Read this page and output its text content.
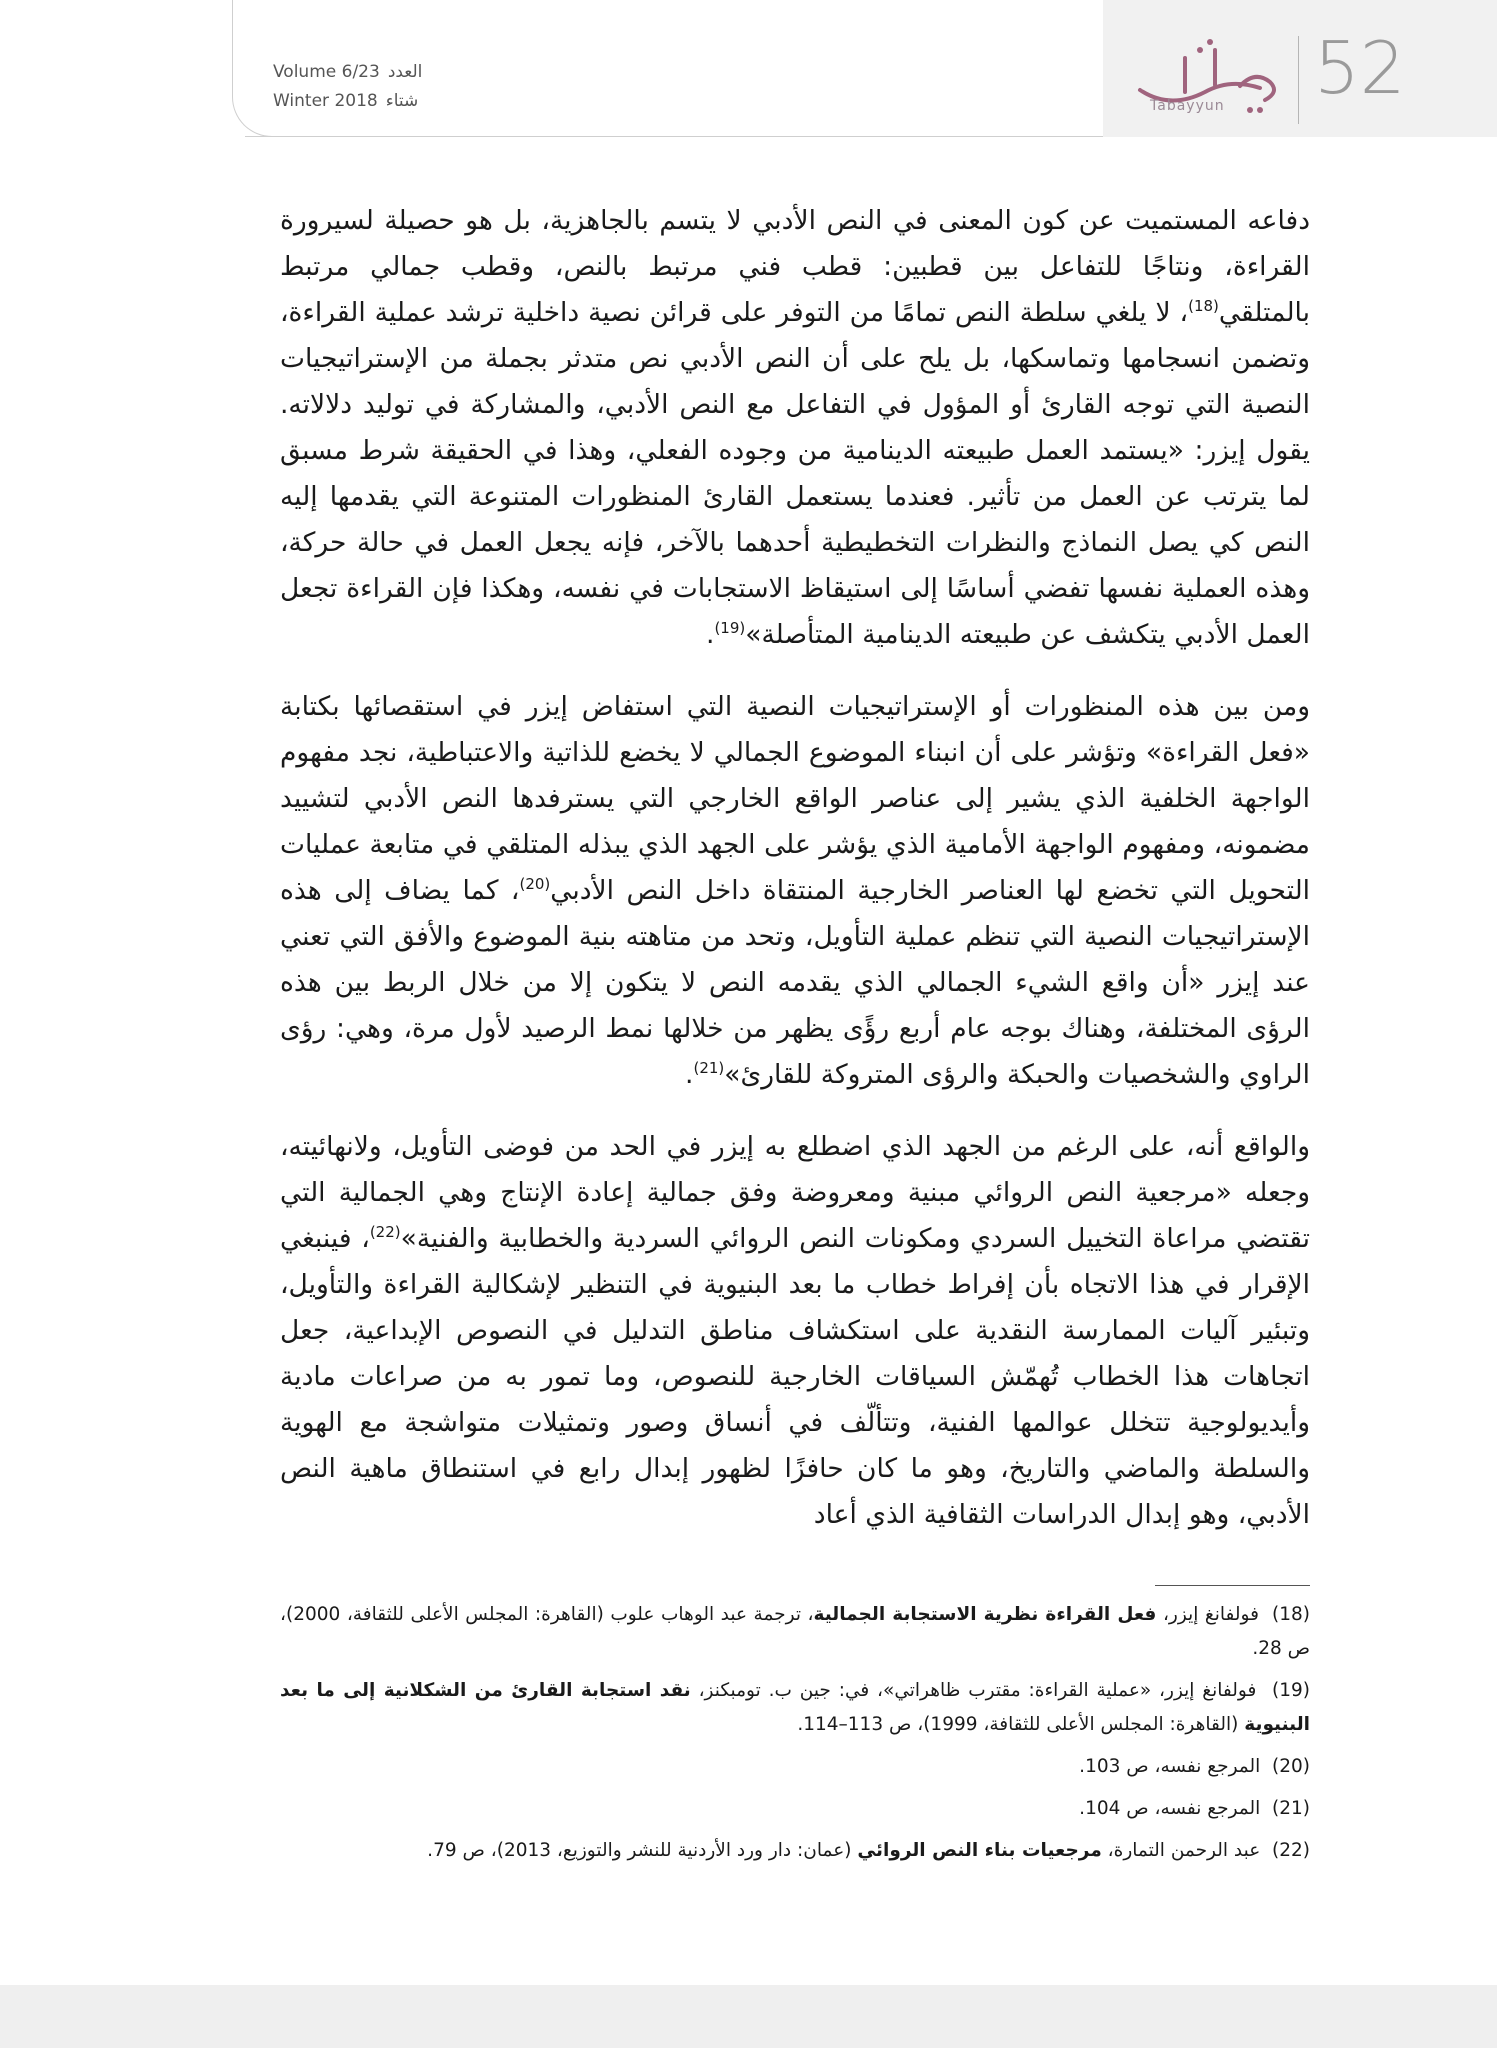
Volume 6/23 العدد
Winter 2018 شتاء	Tabayyun 52

دفاعه المستميت عن كون المعنى في النص الأدبي لا يتسم بالجاهزية، بل هو حصيلة لسيرورة القراءة، ونتاجًا للتفاعل بين قطبين: قطب فني مرتبط بالنص، وقطب جمالي مرتبط بالمتلقي$^{(18)}$، لا يلغي سلطة النص تمامًا من التوفر على قرائن نصية داخلية ترشد عملية القراءة، وتضمن انسجامها وتماسكها، بل يلح على أن النص الأدبي نص متدثر بجملة من الإستراتيجيات النصية التي توجه القارئ أو المؤول في التفاعل مع النص الأدبي، والمشاركة في توليد دلالاته. يقول إيزر: «يستمد العمل طبيعته الدينامية من وجوده الفعلي، وهذا في الحقيقة شرط مسبق لما يترتب عن العمل من تأثير. فعندما يستعمل القارئ المنظورات المتنوعة التي يقدمها إليه النص كي يصل النماذج والنظرات التخطيطية أحدهما بالآخر، فإنه يجعل العمل في حالة حركة، وهذه العملية نفسها تفضي أساسًا إلى استيقاظ الاستجابات في نفسه، وهكذا فإن القراءة تجعل العمل الأدبي يتكشف عن طبيعته الدينامية المتأصلة»$^{(19)}$.

ومن بين هذه المنظورات أو الإستراتيجيات النصية التي استفاض إيزر في استقصائها بكتابة «فعل القراءة» وتؤشر على أن انبناء الموضوع الجمالي لا يخضع للذاتية والاعتباطية، نجد مفهوم الواجهة الخلفية الذي يشير إلى عناصر الواقع الخارجي التي يسترفدها النص الأدبي لتشييد مضمونه، ومفهوم الواجهة الأمامية الذي يؤشر على الجهد الذي يبذله المتلقي في متابعة عمليات التحويل التي تخضع لها العناصر الخارجية المنتقاة داخل النص الأدبي$^{(20)}$، كما يضاف إلى هذه الإستراتيجيات النصية التي تنظم عملية التأويل، وتحد من متاهته بنية الموضوع والأفق التي تعني عند إيزر «أن واقع الشيء الجمالي الذي يقدمه النص لا يتكون إلا من خلال الربط بين هذه الرؤى المختلفة، وهناك بوجه عام أربع رؤًى يظهر من خلالها نمط الرصيد لأول مرة، وهي: رؤى الراوي والشخصيات والحبكة والرؤى المتروكة للقارئ»$^{(21)}$.

والواقع أنه، على الرغم من الجهد الذي اضطلع به إيزر في الحد من فوضى التأويل، ولانهائيته، وجعله «مرجعية النص الروائي مبنية ومعروضة وفق جمالية إعادة الإنتاج وهي الجمالية التي تقتضي مراعاة التخييل السردي ومكونات النص الروائي السردية والخطابية والفنية»$^{(22)}$، فينبغي الإقرار في هذا الاتجاه بأن إفراط خطاب ما بعد البنيوية في التنظير لإشكالية القراءة والتأويل، وتبئير آليات الممارسة النقدية على استكشاف مناطق التدليل في النصوص الإبداعية، جعل اتجاهات هذا الخطاب تُهمّش السياقات الخارجية للنصوص، وما تمور به من صراعات مادية وأيديولوجية تتخلل عوالمها الفنية، وتتألّف في أنساق وصور وتمثيلات متواشجة مع الهوية والسلطة والماضي والتاريخ، وهو ما كان حافزًا لظهور إبدال رابع في استنطاق ماهية النص الأدبي، وهو إبدال الدراسات الثقافية الذي أعاد

(18)  فولفانغ إيزر، فعل القراءة نظرية الاستجابة الجمالية، ترجمة عبد الوهاب علوب (القاهرة: المجلس الأعلى للثقافة، 2000)، ص 28.

(19)  فولفانغ إيزر، «عملية القراءة: مقترب ظاهراتي»، في: جين ب. تومبكنز، نقد استجابة القارئ من الشكلانية إلى ما بعد البنيوية (القاهرة: المجلس الأعلى للثقافة، 1999)، ص 113–114.

(20)  المرجع نفسه، ص 103.

(21)  المرجع نفسه، ص 104.

(22)  عبد الرحمن التمارة، مرجعيات بناء النص الروائي (عمان: دار ورد الأردنية للنشر والتوزيع، 2013)، ص 79.
